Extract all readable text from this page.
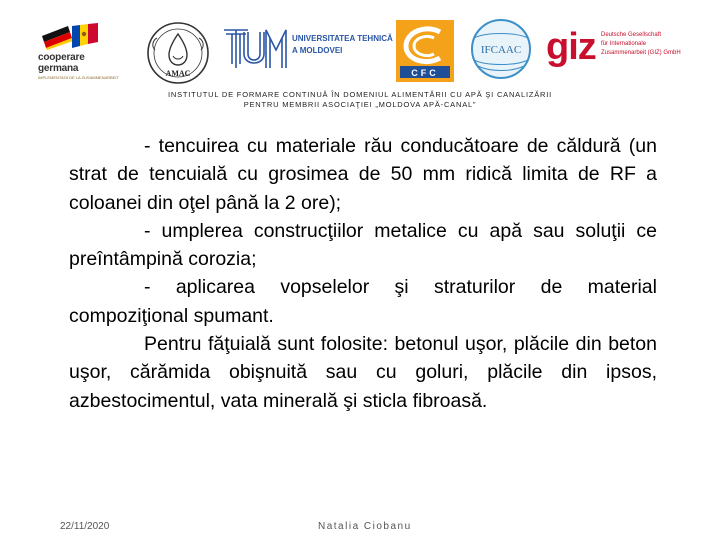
cooperare
germana
IMPLEMENTATA DE LA ZUSAMMENARBEIT	AMAC
UNIVERSITATEA TEHNICĂ
A MOLDOVEI
CFC
IFCAAC giz Deutsche Gesellschaft
für Internationale
Zusammenarbeit (GIZ) GmbH
INSTITUTUL DE FORMARE CONTINUĂ ÎN DOMENIUL ALIMENTĂRII CU APĂ ŞI CANALIZĂRII
PENTRU MEMBRII ASOCIAŢIEI „MOLDOVA APĂ-CANAL”

- tencuirea cu materiale rău conducătoare de căldură (un strat de tencuială cu grosimea de 50 mm ridică limita de RF a coloanei din oţel până la 2 ore);

- umplerea construcţiilor metalice cu apă sau soluţii ce preîntâmpină corozia;

- aplicarea vopselelor şi straturilor de material compoziţional spumant.

Pentru făţuială sunt folosite: betonul uşor, plăcile din beton uşor, cărămida obişnuită sau cu goluri, plăcile din ipsos, azbestocimentul, vata minerală şi sticla fibroasă.

22/11/2020	Natalia Ciobanu
